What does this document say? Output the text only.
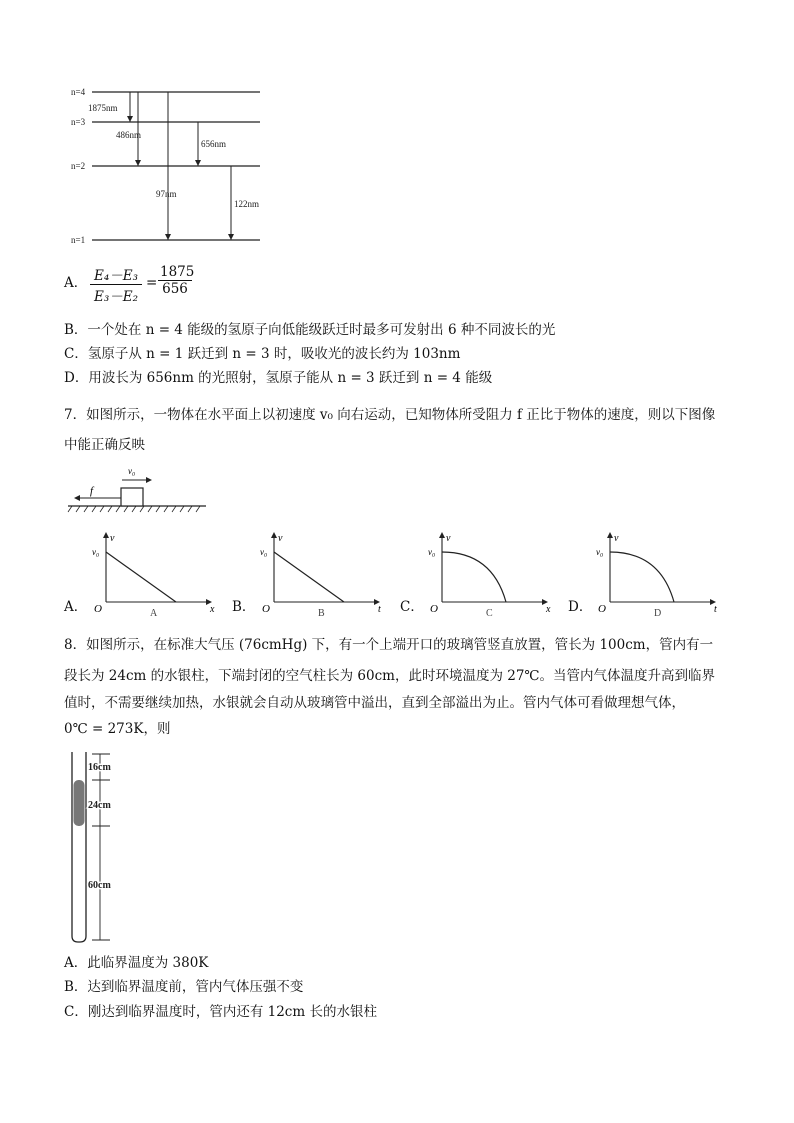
n=4
n=3
n=2
n=1
1875nm
486nm
656nm
97nm
122nm
A． $\frac{\text{E₄－E₃}}{\text{E₃－E₂}} = \frac{1875}{656}$
B．一个处在 n = 4 能级的氢原子向低能级跃迁时最多可发射出 6 种不同波长的光
C．氢原子从 n = 1 跃迁到 n = 3 时，吸收光的波长约为 103nm
D．用波长为 656nm 的光照射，氢原子能从 n = 3 跃迁到 n = 4 能级
7．如图所示，一物体在水平面上以初速度 v₀ 向右运动，已知物体所受阻力 f 正比于物体的速度，则以下图像
中能正确反映
v₀
f
A．
v
v₀
O	x
A	B．
v
v₀
O	t
B	C．
v
v₀
O	x
C	D．
v
v₀
O	t
D
8．如图所示，在标准大气压 (76cmHg) 下，有一个上端开口的玻璃管竖直放置，管长为 100cm，管内有一
段长为 24cm 的水银柱，下端封闭的空气柱长为 60cm，此时环境温度为 27℃。当管内气体温度升高到临界
值时，不需要继续加热，水银就会自动从玻璃管中溢出，直到全部溢出为止。管内气体可看做理想气体，
0℃ = 273K，则
16cm
24cm
60cm
A．此临界温度为 380K
B．达到临界温度前，管内气体压强不变
C．刚达到临界温度时，管内还有 12cm 长的水银柱
